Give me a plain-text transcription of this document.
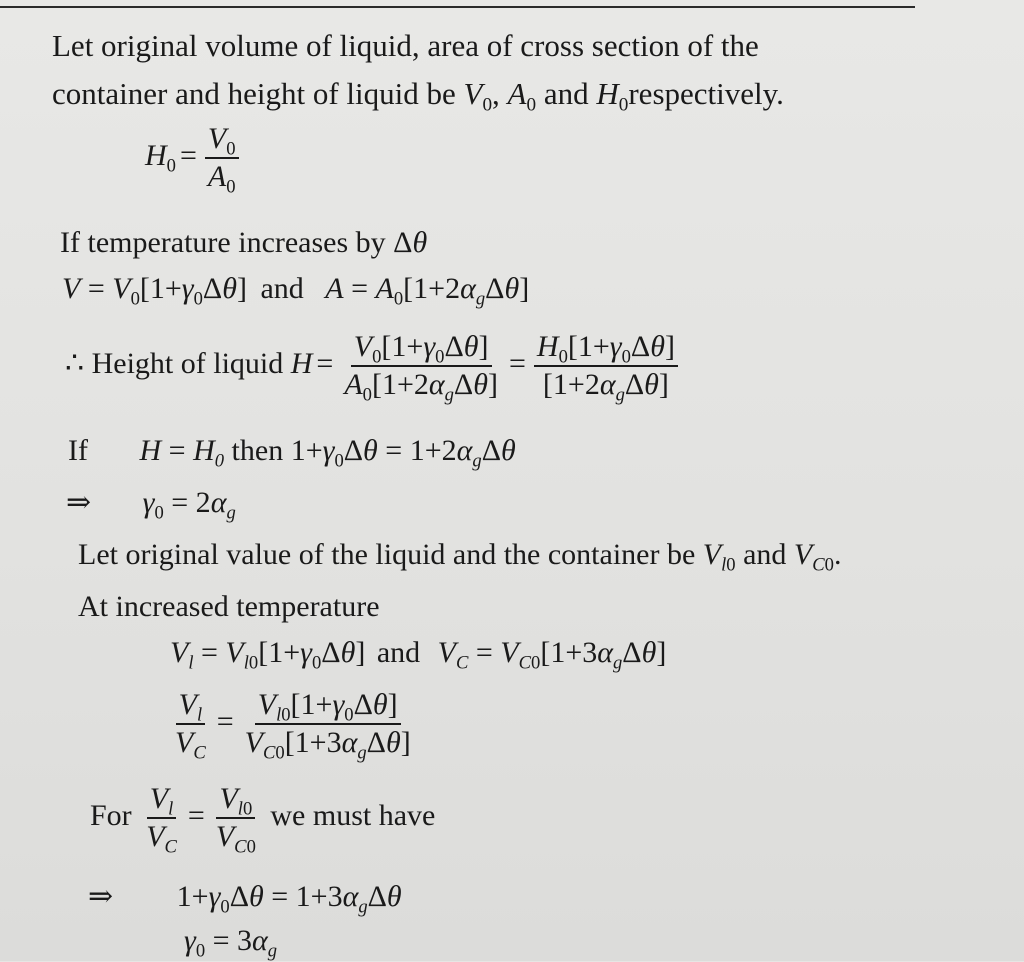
Let original volume of liquid, area of cross section of the
container and height of liquid be $V_0$, $A_0$ and $H_0respectively$.
$H_0 = \frac{V_0}{A_0}$
If temperature increases by Δθ
$V = V_0[1+\gamma_0\Delta\theta]$ and $A = A_0[1+2\alpha_g\Delta\theta]$
∴ Height of liquid $H = \frac{V_0[1+\gamma_0\Delta\theta]}{A_0[1+2\alpha_g\Delta\theta]} = \frac{H_0[1+\gamma_0\Delta\theta]}{[1+2\alpha_g\Delta\theta]}$
If $H = H_0$ then $1+\gamma_0\Delta\theta = 1+2\alpha_g\Delta\theta$
⇒ $\gamma_0 = 2\alpha_g$
Let original value of the liquid and the container be $V_{l0}$ and $V_{C0}$.
At increased temperature
$V_l = V_{l0}[1+\gamma_0\Delta\theta]$ and $V_C = V_{C0}[1+3\alpha_g\Delta\theta]$
$\frac{V_l}{V_C} = \frac{V_{l0}[1+\gamma_0\Delta\theta]}{V_{C0}[1+3\alpha_g\Delta\theta]}$
For $\frac{V_l}{V_C} = \frac{V_{l0}}{V_{C0}}$ we must have
⇒ $1+\gamma_0\Delta\theta = 1+3\alpha_g\Delta\theta$
$\gamma_0 = 3\alpha_g$
